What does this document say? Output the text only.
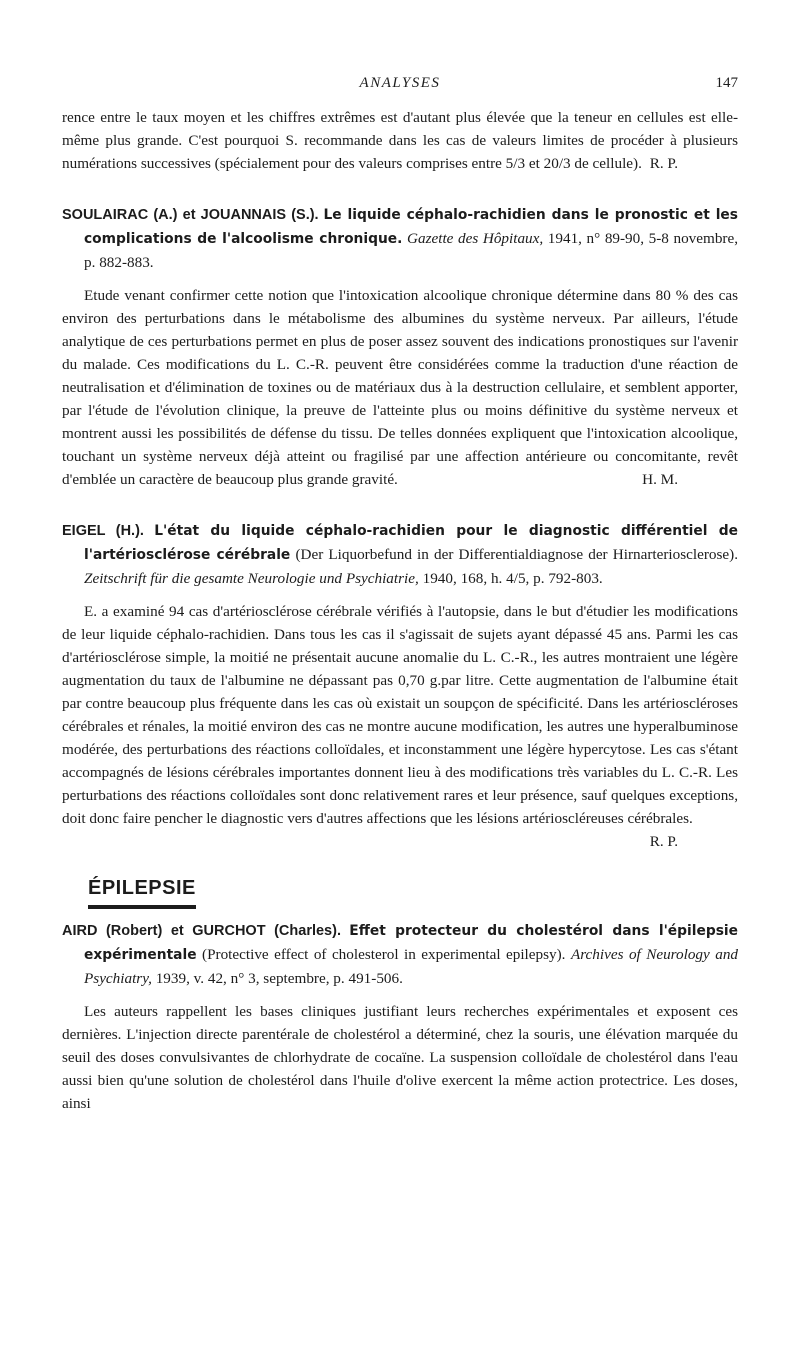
ANALYSES	147

rence entre le taux moyen et les chiffres extrêmes est d'autant plus élevée que la teneur en cellules est elle-même plus grande. C'est pourquoi S. recommande dans les cas de valeurs limites de procéder à plusieurs numérations successives (spécialement pour des valeurs comprises entre 5/3 et 20/3 de cellule). R. P.

SOULAIRAC (A.) et JOUANNAIS (S.). Le liquide céphalo-rachidien dans le pronostic et les complications de l'alcoolisme chronique. Gazette des Hôpitaux, 1941, n° 89-90, 5-8 novembre, p. 882-883.

Etude venant confirmer cette notion que l'intoxication alcoolique chronique détermine dans 80 % des cas environ des perturbations dans le métabolisme des albumines du système nerveux. Par ailleurs, l'étude analytique de ces perturbations permet en plus de poser assez souvent des indications pronostiques sur l'avenir du malade. Ces modifications du L. C.-R. peuvent être considérées comme la traduction d'une réaction de neutralisation et d'élimination de toxines ou de matériaux dus à la destruction cellulaire, et semblent apporter, par l'étude de l'évolution clinique, la preuve de l'atteinte plus ou moins définitive du système nerveux et montrent aussi les possibilités de défense du tissu. De telles données expliquent que l'intoxication alcoolique, touchant un système nerveux déjà atteint ou fragilisé par une affection antérieure ou concomitante, revêt d'emblée un caractère de beaucoup plus grande gravité.	H. M.

EIGEL (H.). L'état du liquide céphalo-rachidien pour le diagnostic différentiel de l'artériosclérose cérébrale (Der Liquorbefund in der Differentialdiagnose der Hirnarteriosclerose). Zeitschrift für die gesamte Neurologie und Psychiatrie, 1940, 168, h. 4/5, p. 792-803.

E. a examiné 94 cas d'artériosclérose cérébrale vérifiés à l'autopsie, dans le but d'étudier les modifications de leur liquide céphalo-rachidien. Dans tous les cas il s'agissait de sujets ayant dépassé 45 ans. Parmi les cas d'artériosclérose simple, la moitié ne présentait aucune anomalie du L. C.-R., les autres montraient une légère augmentation du taux de l'albumine ne dépassant pas 0,70 g.par litre. Cette augmentation de l'albumine était par contre beaucoup plus fréquente dans les cas où existait un soupçon de spécificité. Dans les artérioscléroses cérébrales et rénales, la moitié environ des cas ne montre aucune modification, les autres une hyperalbuminose modérée, des perturbations des réactions colloïdales, et inconstamment une légère hypercytose. Les cas s'étant accompagnés de lésions cérébrales importantes donnent lieu à des modifications très variables du L. C.-R. Les perturbations des réactions colloïdales sont donc relativement rares et leur présence, sauf quelques exceptions, doit donc faire pencher le diagnostic vers d'autres affections que les lésions artérioscléreuses cérébrales.
R. P.

ÉPILEPSIE

AIRD (Robert) et GURCHOT (Charles). Effet protecteur du cholestérol dans l'épilepsie expérimentale (Protective effect of cholesterol in experimental epilepsy). Archives of Neurology and Psychiatry, 1939, v. 42, n° 3, septembre, p. 491-506.

Les auteurs rappellent les bases cliniques justifiant leurs recherches expérimentales et exposent ces dernières. L'injection directe parentérale de cholestérol a déterminé, chez la souris, une élévation marquée du seuil des doses convulsivantes de chlorhydrate de cocaïne. La suspension colloïdale de cholestérol dans l'eau aussi bien qu'une solution de cholestérol dans l'huile d'olive exercent la même action protectrice. Les doses, ainsi
